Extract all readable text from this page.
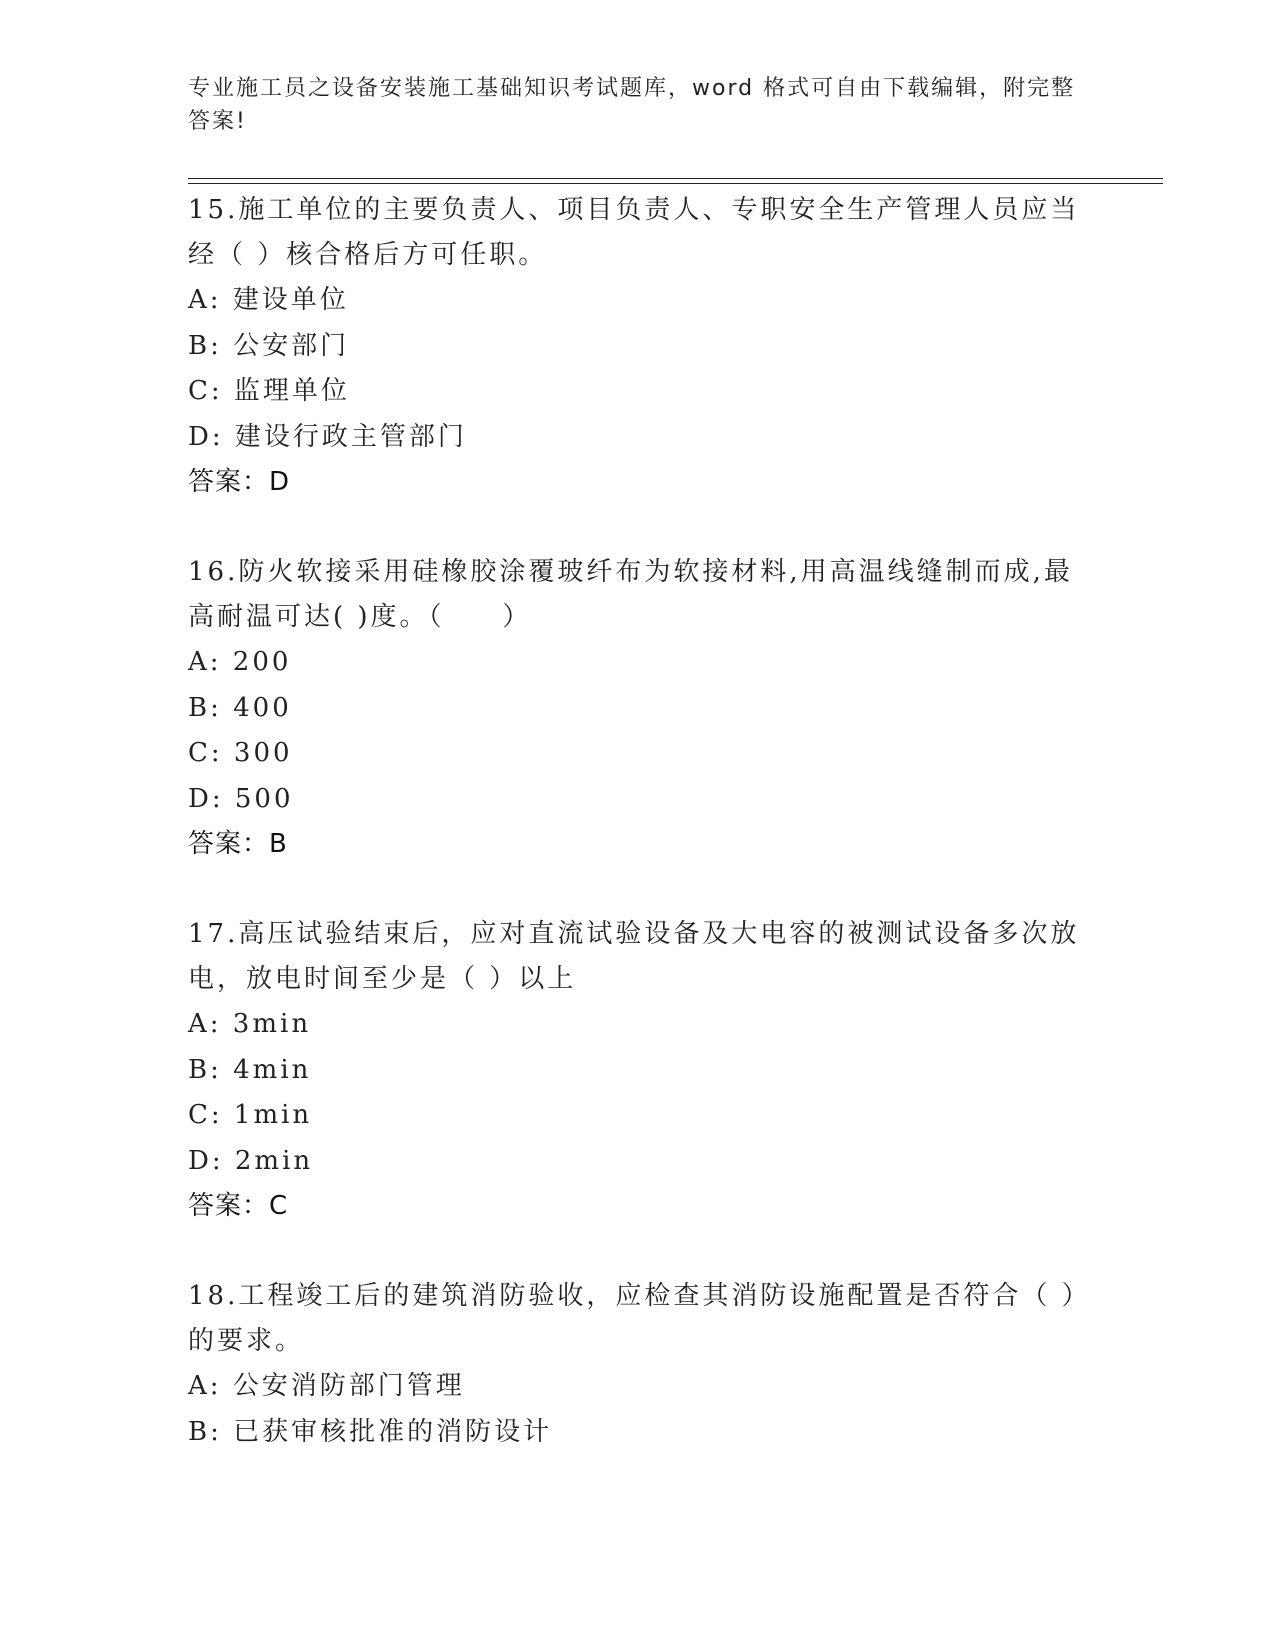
专业施工员之设备安装施工基础知识考试题库，word 格式可自由下载编辑，附完整答案!
15.施工单位的主要负责人、项目负责人、专职安全生产管理人员应当经（ ）核合格后方可任职。
A: 建设单位
B: 公安部门
C: 监理单位
D: 建设行政主管部门
答案：D
16.防火软接采用硅橡胶涂覆玻纤布为软接材料,用高温线缝制而成,最高耐温可达( )度。（　　）
A: 200
B: 400
C: 300
D: 500
答案：B
17.高压试验结束后，应对直流试验设备及大电容的被测试设备多次放电，放电时间至少是（ ）以上
A: 3min
B: 4min
C: 1min
D: 2min
答案：C
18.工程竣工后的建筑消防验收，应检查其消防设施配置是否符合（ ）的要求。
A: 公安消防部门管理
B: 已获审核批准的消防设计
